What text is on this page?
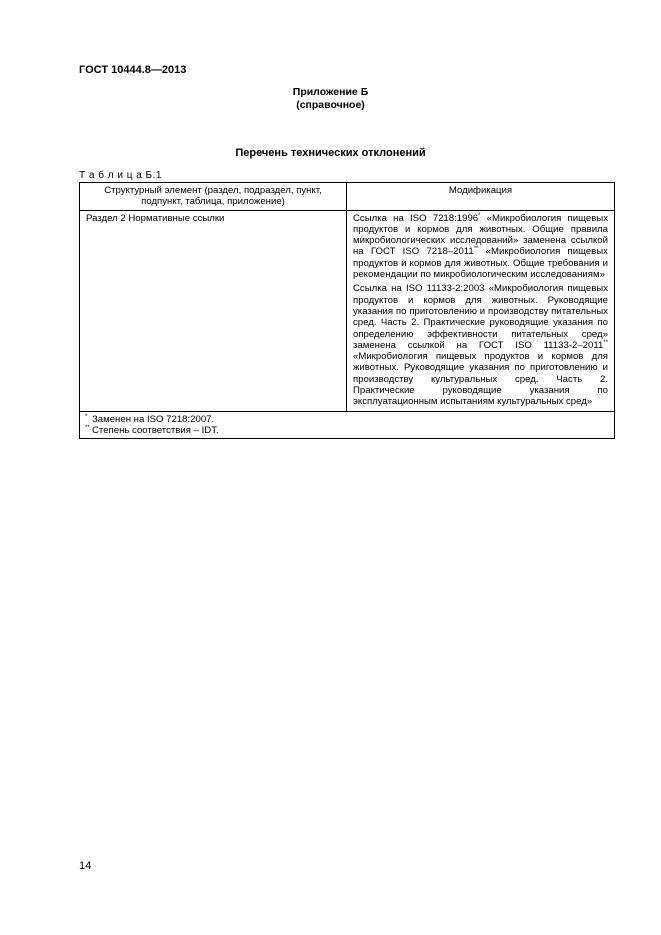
ГОСТ 10444.8—2013
Приложение Б
(справочное)
Перечень технических отклонений
Т а б л и ц а Б.1
Структурный элемент (раздел, подраздел, пункт, подпункт, таблица, приложение)	Модификация
Раздел 2 Нормативные ссылки	Ссылка на ISO 7218:1996* «Микробиология пищевых продуктов и кормов для животных. Общие правила микробиологических исследований» заменена ссылкой на ГОСТ ISO 7218–2011** «Микробиология пищевых продуктов и кормов для животных. Общие требования и рекомендации по микробиологическим исследованиям»

Ссылка на ISO 11133-2:2003 «Микробиология пищевых продуктов и кормов для животных. Руководящие указания по приготовлению и производству питательных сред. Часть 2. Практические руководящие указания по определению эффективности питательных сред» заменена ссылкой на ГОСТ ISO 11133-2–2011** «Микробиология пищевых продуктов и кормов для животных. Руководящие указания по приготовлению и производству культуральных сред. Часть 2. Практические руководящие указания по эксплуатационным испытаниям культуральных сред»

* Заменен на ISO 7218:2007.
** Степень соответствия – IDT.	
14
